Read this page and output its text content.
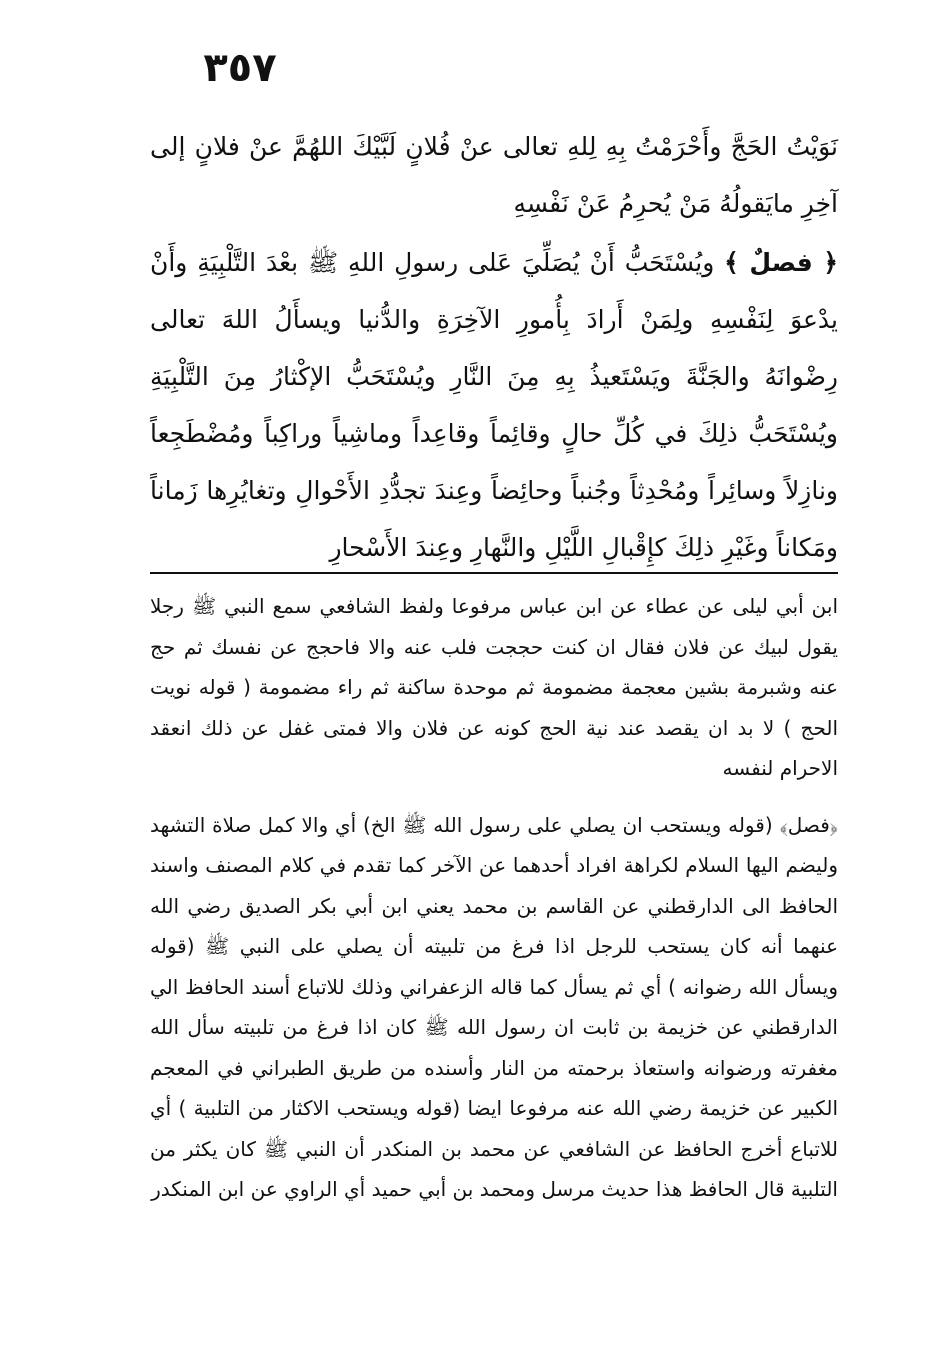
٣٥٧

نَوَيْتُ الحَجَّ وأَحْرَمْتُ بِهِ لِلهِ تعالى عنْ فُلانٍ لَبَّيْكَ اللهُمَّ عنْ فلانٍ إلى آخِرِ مايَقولُهُ مَنْ يُحرِمُ عَنْ نَفْسِهِ

﴿ فصلٌ ﴾ ويُسْتَحَبُّ أَنْ يُصَلِّيَ عَلى رسولِ اللهِ ﷺ بعْدَ التَّلْبِيَةِ وأَنْ يدْعوَ لِنَفْسِهِ ولِمَنْ أَرادَ بِأُمورِ الآخِرَةِ والدُّنيا ويسأَلُ اللهَ تعالى رِضْوانَهُ والجَنَّةَ ويَسْتَعيذُ بِهِ مِنَ النَّارِ ويُسْتَحَبُّ الإكْثارُ مِنَ التَّلْبِيَةِ ويُسْتَحَبُّ ذلِكَ في كُلِّ حالٍ وقائِماً وقاعِداً وماشِياً وراكِباً ومُضْطَجِعاً ونازِلاً وسائِراً ومُحْدِثاً وجُنباً وحائِضاً وعِندَ تجدُّدِ الأَحْوالِ وتغايُرِها زَماناً ومَكاناً وغَيْرِ ذلِكَ كإِقْبالِ اللَّيْلِ والنَّهارِ وعِندَ الأَسْحارِ

ابن أبي ليلى عن عطاء عن ابن عباس مرفوعا ولفظ الشافعي سمع النبي ﷺ رجلا يقول لبيك عن فلان فقال ان كنت حججت فلب عنه والا فاحجج عن نفسك ثم حج عنه وشبرمة بشين معجمة مضمومة ثم موحدة ساكنة ثم راء مضمومة ( قوله نويت الحج ) لا بد ان يقصد عند نية الحج كونه عن فلان والا فمتى غفل عن ذلك انعقد الاحرام لنفسه

﴿فصل﴾ (قوله ويستحب ان يصلي على رسول الله ﷺ الخ) أي والا كمل صلاة التشهد وليضم اليها السلام لكراهة افراد أحدهما عن الآخر كما تقدم في كلام المصنف واسند الحافظ الى الدارقطني عن القاسم بن محمد يعني ابن أبي بكر الصديق رضي الله عنهما أنه كان يستحب للرجل اذا فرغ من تلبيته أن يصلي على النبي ﷺ (قوله ويسأل الله رضوانه ) أي ثم يسأل كما قاله الزعفراني وذلك للاتباع أسند الحافظ الي الدارقطني عن خزيمة بن ثابت ان رسول الله ﷺ كان اذا فرغ من تلبيته سأل الله مغفرته ورضوانه واستعاذ برحمته من النار وأسنده من طريق الطبراني في المعجم الكبير عن خزيمة رضي الله عنه مرفوعا ايضا (قوله ويستحب الاكثار من التلبية ) أي للاتباع أخرج الحافظ عن الشافعي عن محمد بن المنكدر أن النبي ﷺ كان يكثر من التلبية قال الحافظ هذا حديث مرسل ومحمد بن أبي حميد أي الراوي عن ابن المنكدر
